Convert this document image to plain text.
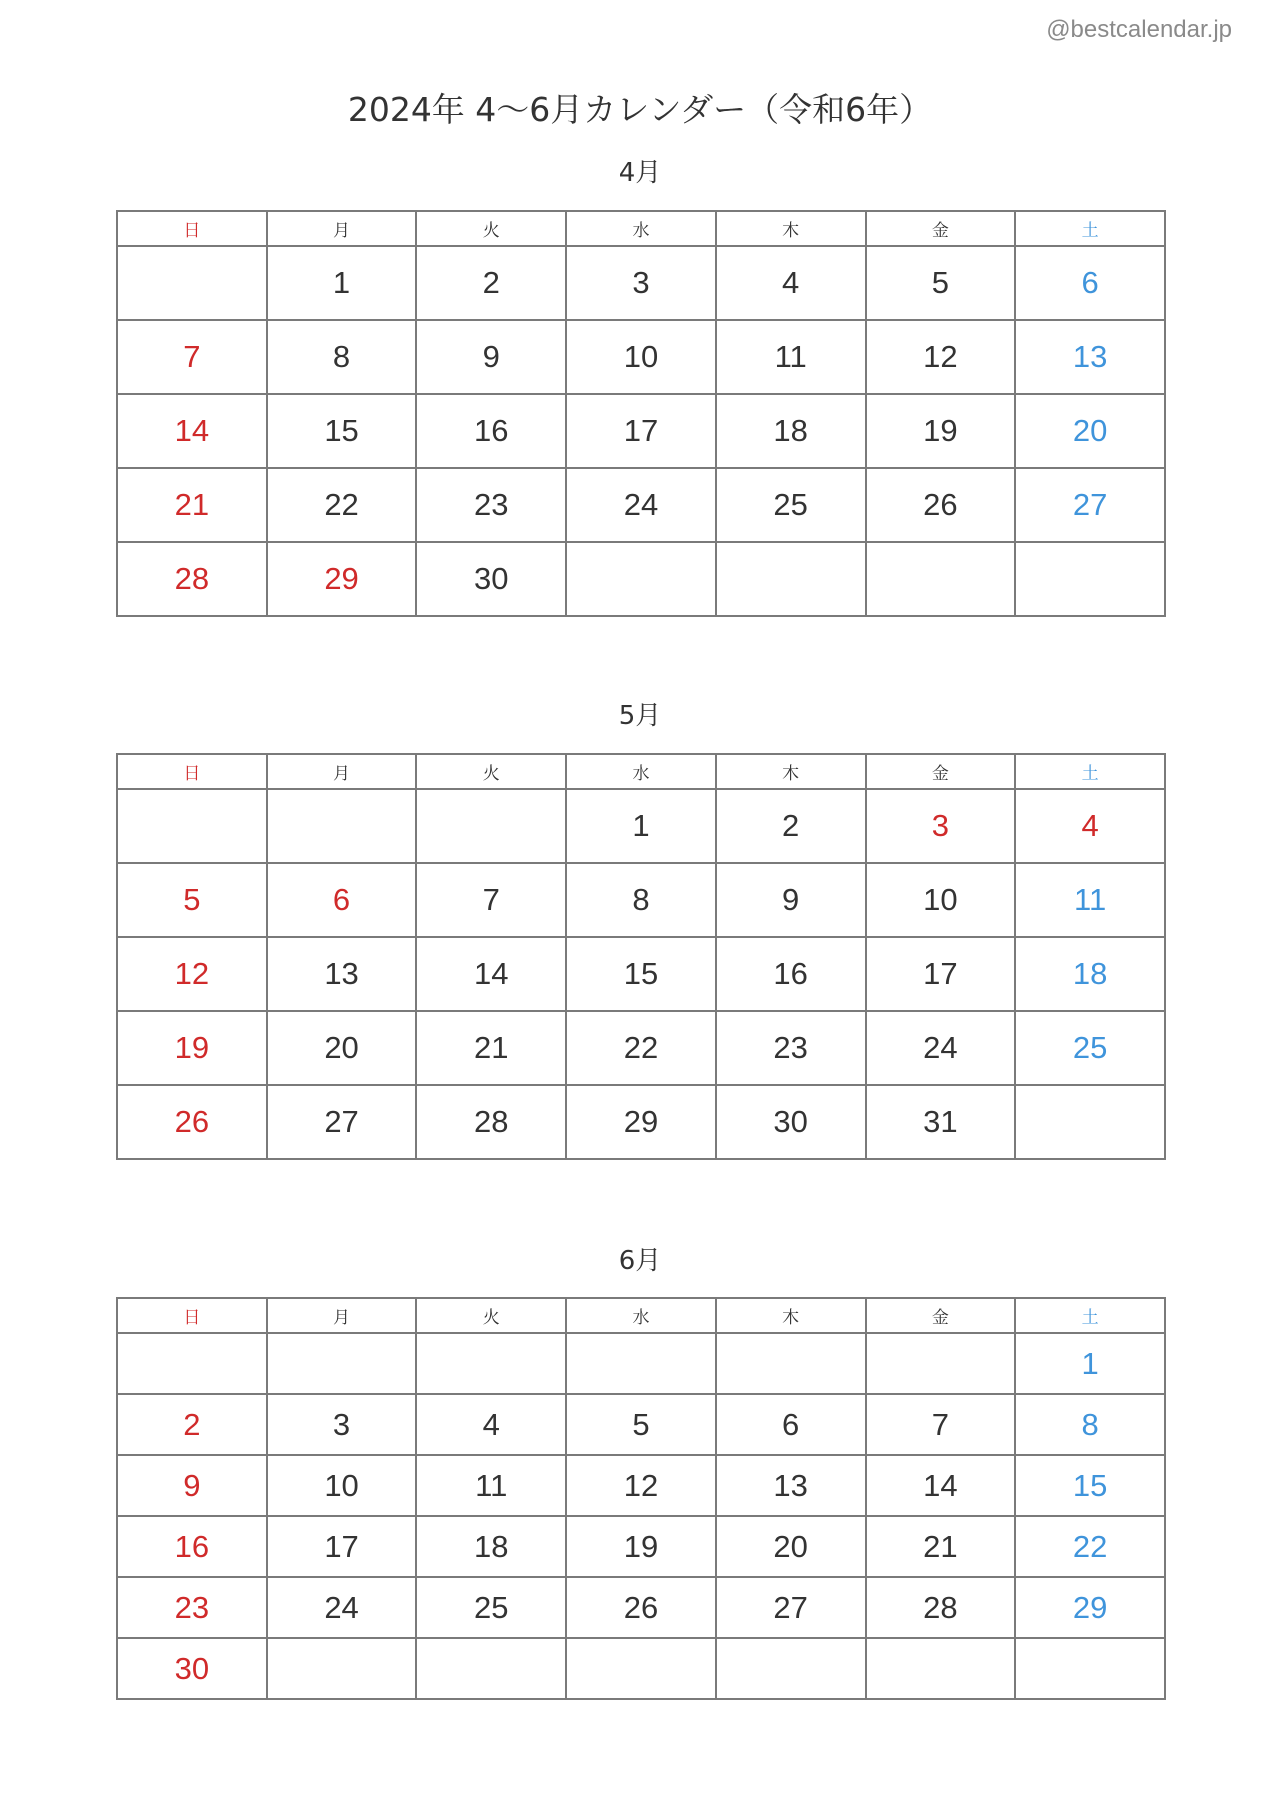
@bestcalendar.jp
2024年 4〜6月カレンダー（令和6年）
4月
日	月	火	水	木	金	土
	1	2	3	4	5	6
7	8	9	10	11	12	13
14	15	16	17	18	19	20
21	22	23	24	25	26	27
28	29	30				
5月
日	月	火	水	木	金	土
			1	2	3	4
5	6	7	8	9	10	11
12	13	14	15	16	17	18
19	20	21	22	23	24	25
26	27	28	29	30	31	
6月
日	月	火	水	木	金	土
						1
2	3	4	5	6	7	8
9	10	11	12	13	14	15
16	17	18	19	20	21	22
23	24	25	26	27	28	29
30						
